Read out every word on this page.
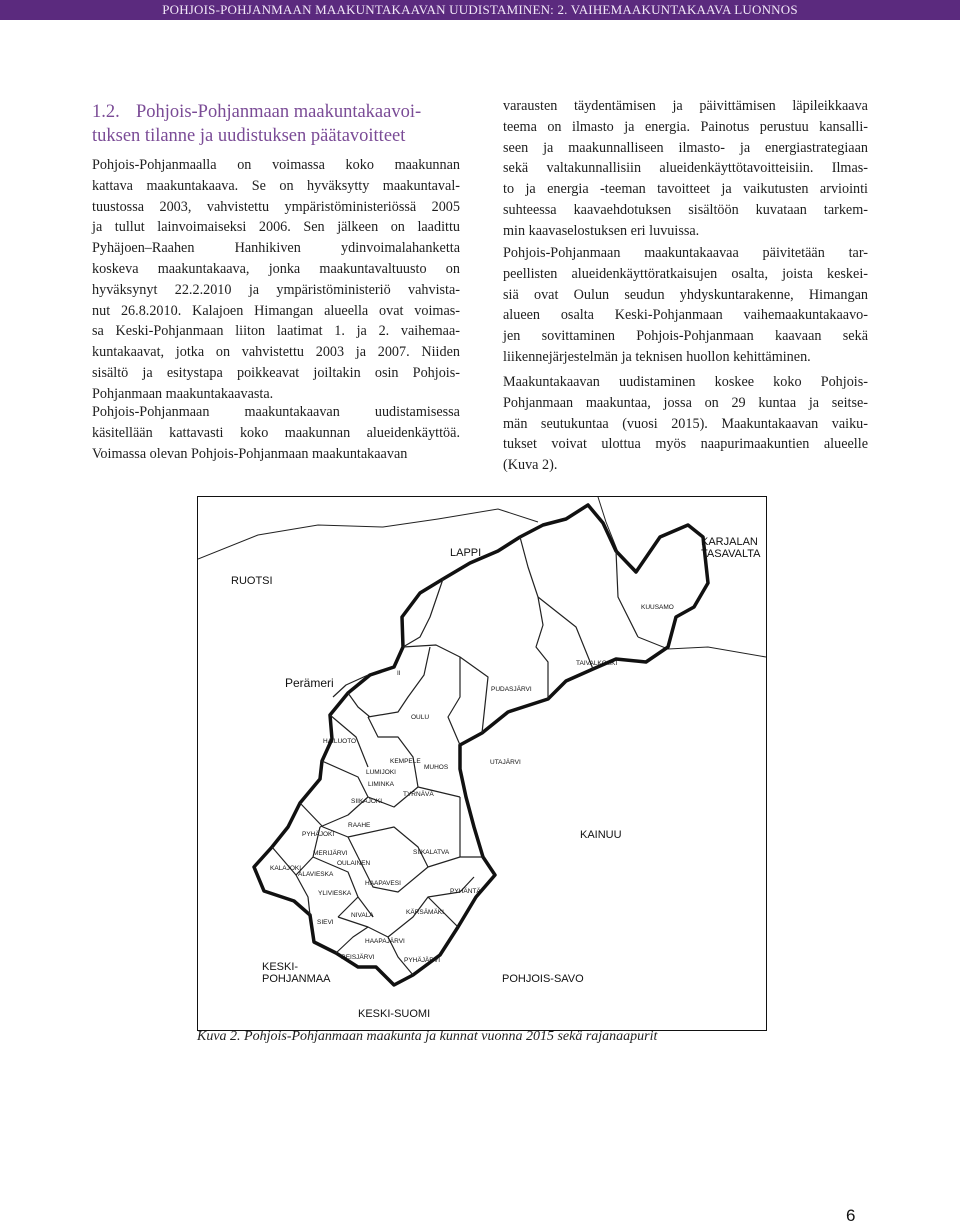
POHJOIS-POHJANMAAN MAAKUNTAKAAVAN UUDISTAMINEN: 2. VAIHEMAAKUNTAKAAVA LUONNOS
1.2. Pohjois-Pohjanmaan maakuntakaavoi-
tuksen tilanne ja uudistuksen päätavoitteet
Pohjois-Pohjanmaalla on voimassa koko maakunnan
kattava maakuntakaava. Se on hyväksytty maakuntaval-
tuustossa 2003, vahvistettu ympäristöministeriössä 2005
ja tullut lainvoimaiseksi 2006. Sen jälkeen on laadittu
Pyhäjoen–Raahen Hanhikiven ydinvoimalahanketta
koskeva maakuntakaava, jonka maakuntavaltuusto on
hyväksynyt 22.2.2010 ja ympäristöministeriö vahvista-
nut 26.8.2010. Kalajoen Himangan alueella ovat voimas-
sa Keski-Pohjanmaan liiton laatimat 1. ja 2. vaihemaa-
kuntakaavat, jotka on vahvistettu 2003 ja 2007. Niiden
sisältö ja esitystapa poikkeavat joiltakin osin Pohjois-
Pohjanmaan maakuntakaavasta.
Pohjois-Pohjanmaan maakuntakaavan uudistamisessa
käsitellään kattavasti koko maakunnan alueidenkäyttöä.
Voimassa olevan Pohjois-Pohjanmaan maakuntakaavan
varausten täydentämisen ja päivittämisen läpileikkaava
teema on ilmasto ja energia. Painotus perustuu kansalli-
seen ja maakunnalliseen ilmasto- ja energiastrategiaan
sekä valtakunnallisiin alueidenkäyttötavoitteisiin. Ilmas-
to ja energia -teeman tavoitteet ja vaikutusten arviointi
suhteessa kaavaehdotuksen sisältöön kuvataan tarkem-
min kaavaselostuksen eri luvuissa.
Pohjois-Pohjanmaan maakuntakaavaa päivitetään tar-
peellisten alueidenkäyttöratkaisujen osalta, joista keskei-
siä ovat Oulun seudun yhdyskuntarakenne, Himangan
alueen osalta Keski-Pohjanmaan vaihemaakuntakaavo-
jen sovittaminen Pohjois-Pohjanmaan kaavaan sekä
liikennejärjestelmän ja teknisen huollon kehittäminen.
Maakuntakaavan uudistaminen koskee koko Pohjois-
Pohjanmaan maakuntaa, jossa on 29 kuntaa ja seitse-
män seutukuntaa (vuosi 2015). Maakuntakaavan vaiku-
tukset voivat ulottua myös naapurimaakuntien alueelle
(Kuva 2).
RUOTSI
LAPPI
KARJALAN
TASAVALTA
Perämeri
KAINUU
KESKI-
POHJANMAA	POHJOIS-SAVO
KESKI-SUOMI
KUUSAMO
TAIVALKOSKI
II
PUDASJÄRVI
OULU
HAILUOTO
KEMPELE
MUHOS
LUMIJOKI
LIMINKA
TYRNÄVÄ
UTAJÄRVI
SIIKAJOKI
RAAHE
PYHÄJOKI
MERIJÄRVI
OULAINEN
SIIKALATVA
KALAJOKI
ALAVIESKA
HAAPAVESI
PYHÄNTÄ
YLIVIESKA
KÄRSÄMÄKI
SIEVI
NIVALA
HAAPAJÄRVI
REISJÄRVI	PYHÄJÄRVI
Kuva 2. Pohjois-Pohjanmaan maakunta ja kunnat vuonna 2015 sekä rajanaapurit
6
